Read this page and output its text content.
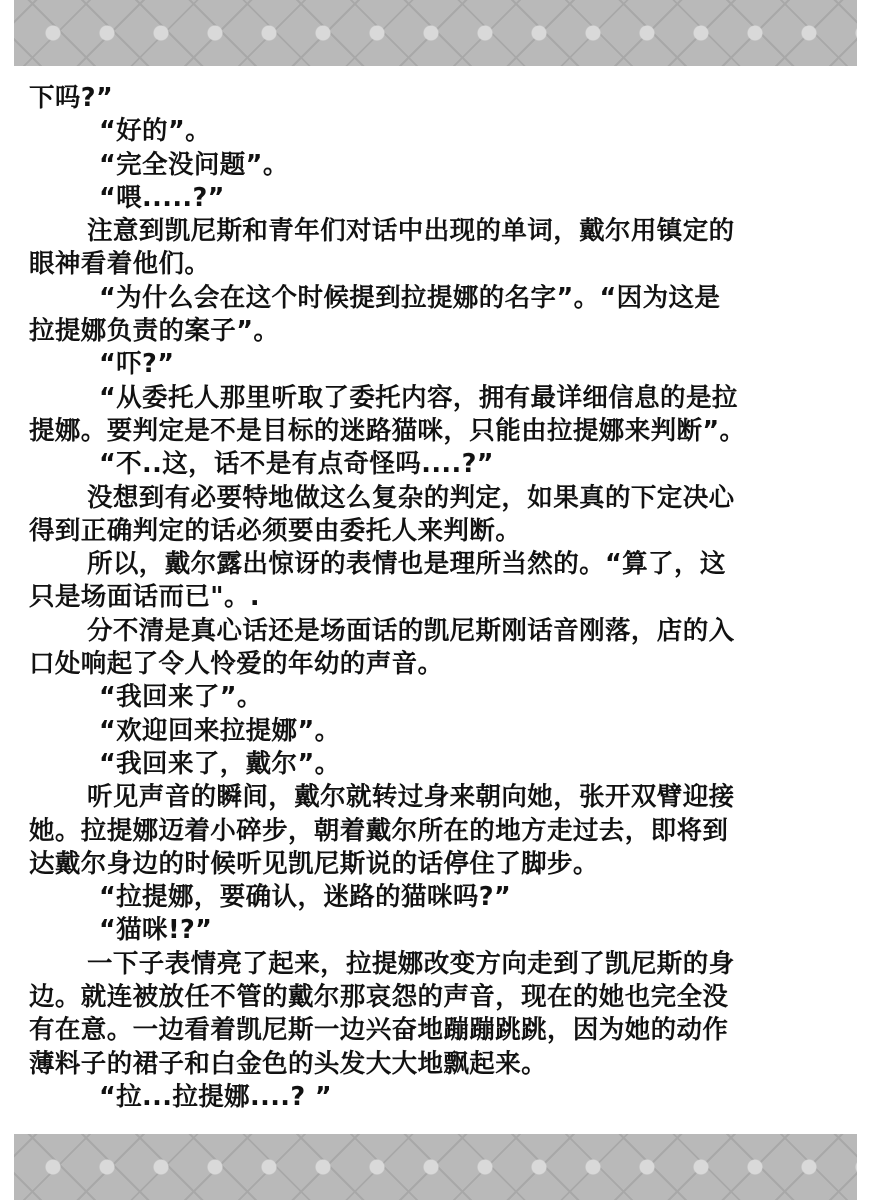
下吗?”
“好的”。
“完全没问题”。
“喂.....?”
注意到凯尼斯和青年们对话中出现的单词，戴尔用镇定的
眼神看着他们。
“为什么会在这个时候提到拉提娜的名字”。“因为这是
拉提娜负责的案子”。
“吓?”
“从委托人那里听取了委托内容，拥有最详细信息的是拉
提娜。要判定是不是目标的迷路猫咪，只能由拉提娜来判断”。
“不..这，话不是有点奇怪吗....?”
没想到有必要特地做这么复杂的判定，如果真的下定决心
得到正确判定的话必须要由委托人来判断。
所以，戴尔露出惊讶的表情也是理所当然的。“算了，这
只是场面话而已"。.
分不清是真心话还是场面话的凯尼斯刚话音刚落，店的入
口处响起了令人怜爱的年幼的声音。
“我回来了”。
“欢迎回来拉提娜”。
“我回来了，戴尔”。
听见声音的瞬间，戴尔就转过身来朝向她，张开双臂迎接
她。拉提娜迈着小碎步，朝着戴尔所在的地方走过去，即将到
达戴尔身边的时候听见凯尼斯说的话停住了脚步。
“拉提娜，要确认，迷路的猫咪吗?”
“猫咪!?”
一下子表情亮了起来，拉提娜改变方向走到了凯尼斯的身
边。就连被放任不管的戴尔那哀怨的声音，现在的她也完全没
有在意。一边看着凯尼斯一边兴奋地蹦蹦跳跳，因为她的动作
薄料子的裙子和白金色的头发大大地飘起来。
“拉...拉提娜....? ”
